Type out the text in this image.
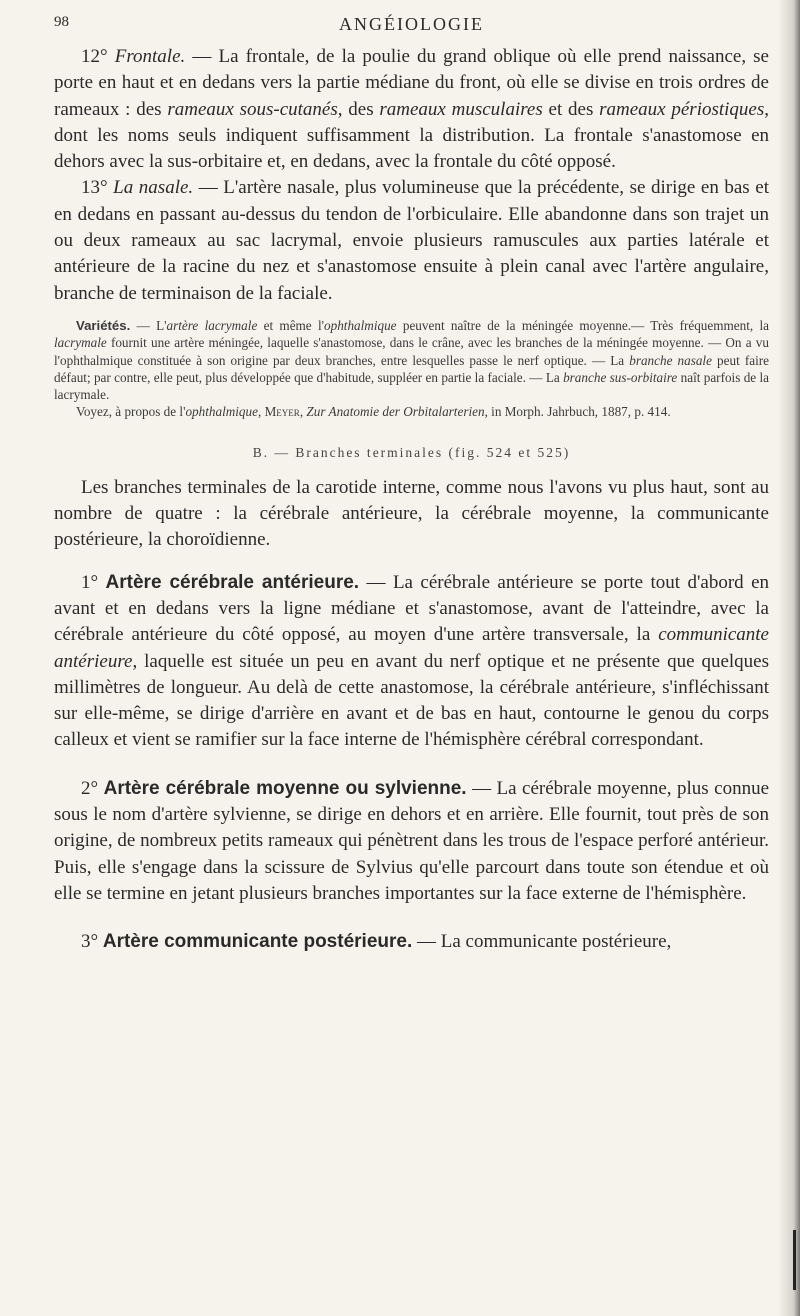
98	ANGÉIOLOGIE

12° Frontale. — La frontale, de la poulie du grand oblique où elle prend naissance, se porte en haut et en dedans vers la partie médiane du front, où elle se divise en trois ordres de rameaux : des rameaux sous-cutanés, des rameaux musculaires et des rameaux périostiques, dont les noms seuls indiquent suffisamment la distribution. La frontale s'anastomose en dehors avec la sus-orbitaire et, en dedans, avec la frontale du côté opposé.

13° La nasale. — L'artère nasale, plus volumineuse que la précédente, se dirige en bas et en dedans en passant au-dessus du tendon de l'orbiculaire. Elle abandonne dans son trajet un ou deux rameaux au sac lacrymal, envoie plusieurs ramuscules aux parties latérale et antérieure de la racine du nez et s'anastomose ensuite à plein canal avec l'artère angulaire, branche de terminaison de la faciale.

Variétés. — L'artère lacrymale et même l'ophthalmique peuvent naître de la méningée moyenne.— Très fréquemment, la lacrymale fournit une artère méningée, laquelle s'anastomose, dans le crâne, avec les branches de la méningée moyenne. — On a vu l'ophthalmique constituée à son origine par deux branches, entre lesquelles passe le nerf optique. — La branche nasale peut faire défaut; par contre, elle peut, plus développée que d'habitude, suppléer en partie la faciale. — La branche sus-orbitaire naît parfois de la lacrymale.

Voyez, à propos de l'ophthalmique, Meyer, Zur Anatomie der Orbitalarterien, in Morph. Jahrbuch, 1887, p. 414.

B. — Branches terminales (fig. 524 et 525)

Les branches terminales de la carotide interne, comme nous l'avons vu plus haut, sont au nombre de quatre : la cérébrale antérieure, la cérébrale moyenne, la communicante postérieure, la choroïdienne.

1° Artère cérébrale antérieure. — La cérébrale antérieure se porte tout d'abord en avant et en dedans vers la ligne médiane et s'anastomose, avant de l'atteindre, avec la cérébrale antérieure du côté opposé, au moyen d'une artère transversale, la communicante antérieure, laquelle est située un peu en avant du nerf optique et ne présente que quelques millimètres de longueur. Au delà de cette anastomose, la cérébrale antérieure, s'infléchissant sur elle-même, se dirige d'arrière en avant et de bas en haut, contourne le genou du corps calleux et vient se ramifier sur la face interne de l'hémisphère cérébral correspondant.

2° Artère cérébrale moyenne ou sylvienne. — La cérébrale moyenne, plus connue sous le nom d'artère sylvienne, se dirige en dehors et en arrière. Elle fournit, tout près de son origine, de nombreux petits rameaux qui pénètrent dans les trous de l'espace perforé antérieur. Puis, elle s'engage dans la scissure de Sylvius qu'elle parcourt dans toute son étendue et où elle se termine en jetant plusieurs branches importantes sur la face externe de l'hémisphère.

3° Artère communicante postérieure. — La communicante postérieure,
